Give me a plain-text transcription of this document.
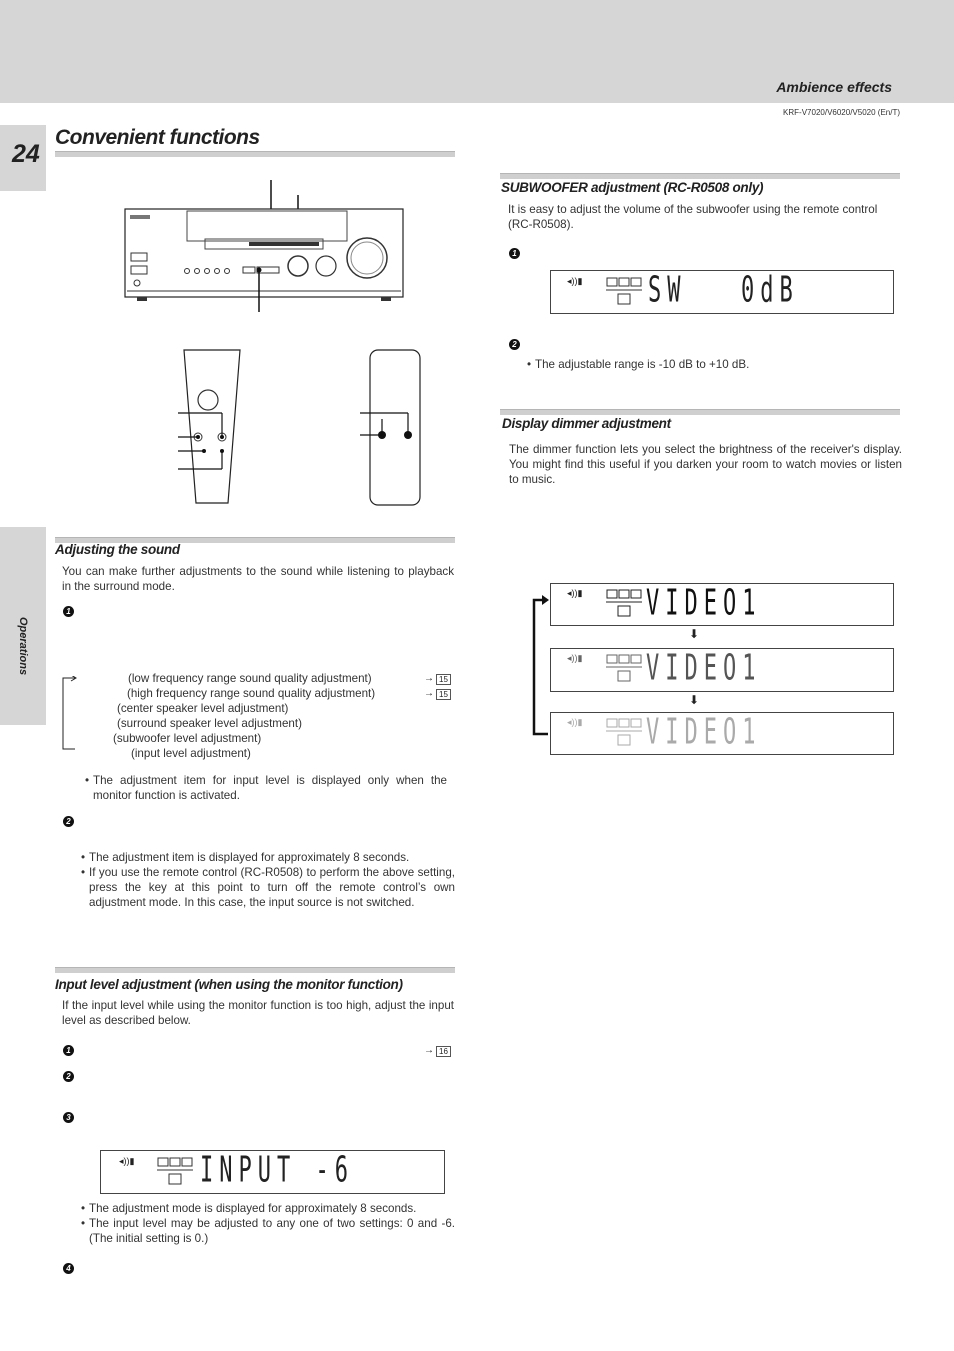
Ambience effects
KRF-V7020/V6020/V5020 (En/T)
24
Operations
Convenient functions
Adjusting the sound
You can make further adjustments to the sound while listening to playback in the surround mode.
1
(low frequency range sound quality adjustment)
(high frequency range sound quality adjustment)
(center speaker level adjustment)
(surround speaker level adjustment)
(subwoofer level adjustment)
(input level adjustment)
→ 15
→ 15
• The adjustment item for input level is displayed only when the monitor function is activated.
2
• The adjustment item is displayed for approximately 8 seconds.
• If you use the remote control (RC-R0508) to perform the above setting, press the key at this point to turn off the remote control’s own adjustment mode. In this case, the input source is not switched.
Input level adjustment (when using the monitor function)
If the input level while using the monitor function is too high, adjust the input level as described below.
1	→ 16
2
3
◂))▮	INPUT -6
• The adjustment mode is displayed for approximately 8 seconds.
• The input level may be adjusted to any one of two settings: 0 and -6. (The initial setting is 0.)
4
SUBWOOFER adjustment (RC-R0508 only)
It is easy to adjust the volume of the subwoofer using the remote control (RC-R0508).
1
◂))▮	SW 0dB
2
• The adjustable range is -10 dB to +10 dB.
Display dimmer adjustment
The dimmer function lets you select the brightness of the receiver's display. You might find this useful if you darken your room to watch movies or listen to music.
◂))▮	VIDEO1
⬇
◂))▮	VIDEO1
⬇
◂))▮	VIDEO1
